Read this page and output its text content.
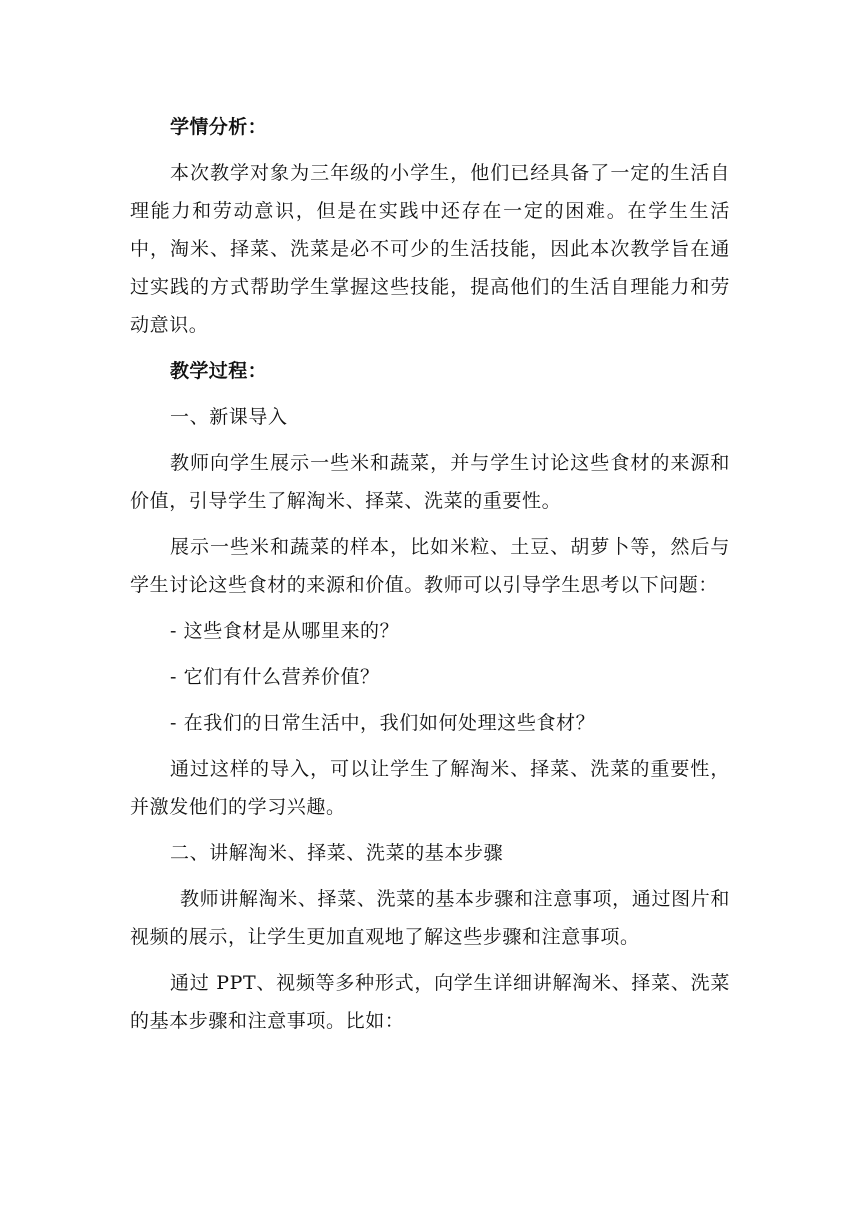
学情分析：

本次教学对象为三年级的小学生，他们已经具备了一定的生活自理能力和劳动意识，但是在实践中还存在一定的困难。在学生生活中，淘米、择菜、洗菜是必不可少的生活技能，因此本次教学旨在通过实践的方式帮助学生掌握这些技能，提高他们的生活自理能力和劳动意识。

教学过程：

一、新课导入

教师向学生展示一些米和蔬菜，并与学生讨论这些食材的来源和价值，引导学生了解淘米、择菜、洗菜的重要性。

展示一些米和蔬菜的样本，比如米粒、土豆、胡萝卜等，然后与学生讨论这些食材的来源和价值。教师可以引导学生思考以下问题：

- 这些食材是从哪里来的？

- 它们有什么营养价值？

- 在我们的日常生活中，我们如何处理这些食材？

通过这样的导入，可以让学生了解淘米、择菜、洗菜的重要性，并激发他们的学习兴趣。

二、讲解淘米、择菜、洗菜的基本步骤

教师讲解淘米、择菜、洗菜的基本步骤和注意事项，通过图片和视频的展示，让学生更加直观地了解这些步骤和注意事项。

通过 PPT、视频等多种形式，向学生详细讲解淘米、择菜、洗菜的基本步骤和注意事项。比如：
